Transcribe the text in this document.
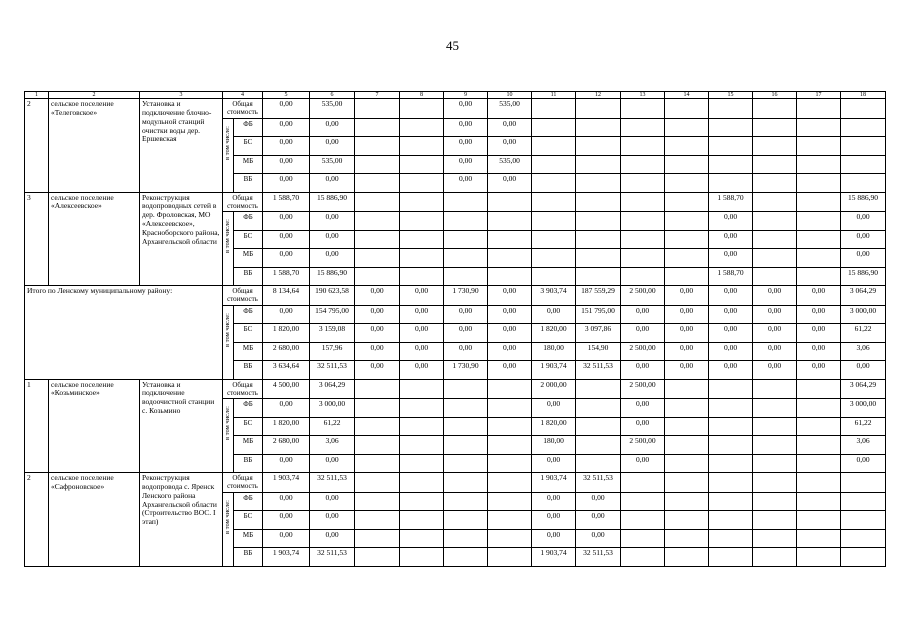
45
1	2	3	4		5	6	7	8	9	10	11	12	13	14	15	16	17	18
2	сельское поселение «Телеговское»	Установка и подключение блочно-модульной станций очистки воды дер. Ершевская	Общая стоимость		0,00	535,00			0,00	535,00								
			в том числе:	ФБ	0,00	0,00			0,00	0,00								
				БС	0,00	0,00			0,00	0,00								
				МБ	0,00	535,00			0,00	535,00								
				ВБ	0,00	0,00			0,00	0,00								
3	сельское поселение «Алексеевское»	Реконструкция водопроводных сетей в дер. Фроловская, МО «Алексеевское», Красноборского района, Архангельской области	Общая стоимость		1 588,70	15 886,90									1 588,70			15 886,90
			в том числе:	ФБ	0,00	0,00									0,00			0,00
				БС	0,00	0,00									0,00			0,00
				МБ	0,00	0,00									0,00			0,00
				ВБ	1 588,70	15 886,90									1 588,70			15 886,90
Итого по Ленскому муниципальному району:			Общая стоимость		8 134,64	190 623,58	0,00	0,00	1 730,90	0,00	3 903,74	187 559,29	2 500,00	0,00	0,00	0,00	0,00	3 064,29
			в том числе:	ФБ	0,00	154 795,00	0,00	0,00	0,00	0,00	0,00	151 795,00	0,00	0,00	0,00	0,00	0,00	3 000,00
				БС	1 820,00	3 159,08	0,00	0,00	0,00	0,00	1 820,00	3 097,86	0,00	0,00	0,00	0,00	0,00	61,22
				МБ	2 680,00	157,96	0,00	0,00	0,00	0,00	180,00	154,90	2 500,00	0,00	0,00	0,00	0,00	3,06
				ВБ	3 634,64	32 511,53	0,00	0,00	1 730,90	0,00	1 903,74	32 511,53	0,00	0,00	0,00	0,00	0,00	0,00
1	сельское поселение «Козьминское»	Установка и подключение водоочистной станции с. Козьмино	Общая стоимость		4 500,00	3 064,29					2 000,00		2 500,00					3 064,29
			в том числе:	ФБ	0,00	3 000,00					0,00		0,00					3 000,00
				БС	1 820,00	61,22					1 820,00		0,00					61,22
				МБ	2 680,00	3,06					180,00		2 500,00					3,06
				ВБ	0,00	0,00					0,00		0,00					0,00
2	сельское поселение «Сафроновское»	Реконструкция водопровода с. Яренск Ленского района Архангельской области (Строительство ВОС. I этап)	Общая стоимость		1 903,74	32 511,53					1 903,74	32 511,53						
			в том числе:	ФБ	0,00	0,00					0,00	0,00						
				БС	0,00	0,00					0,00	0,00						
				МБ	0,00	0,00					0,00	0,00						
				ВБ	1 903,74	32 511,53					1 903,74	32 511,53						
